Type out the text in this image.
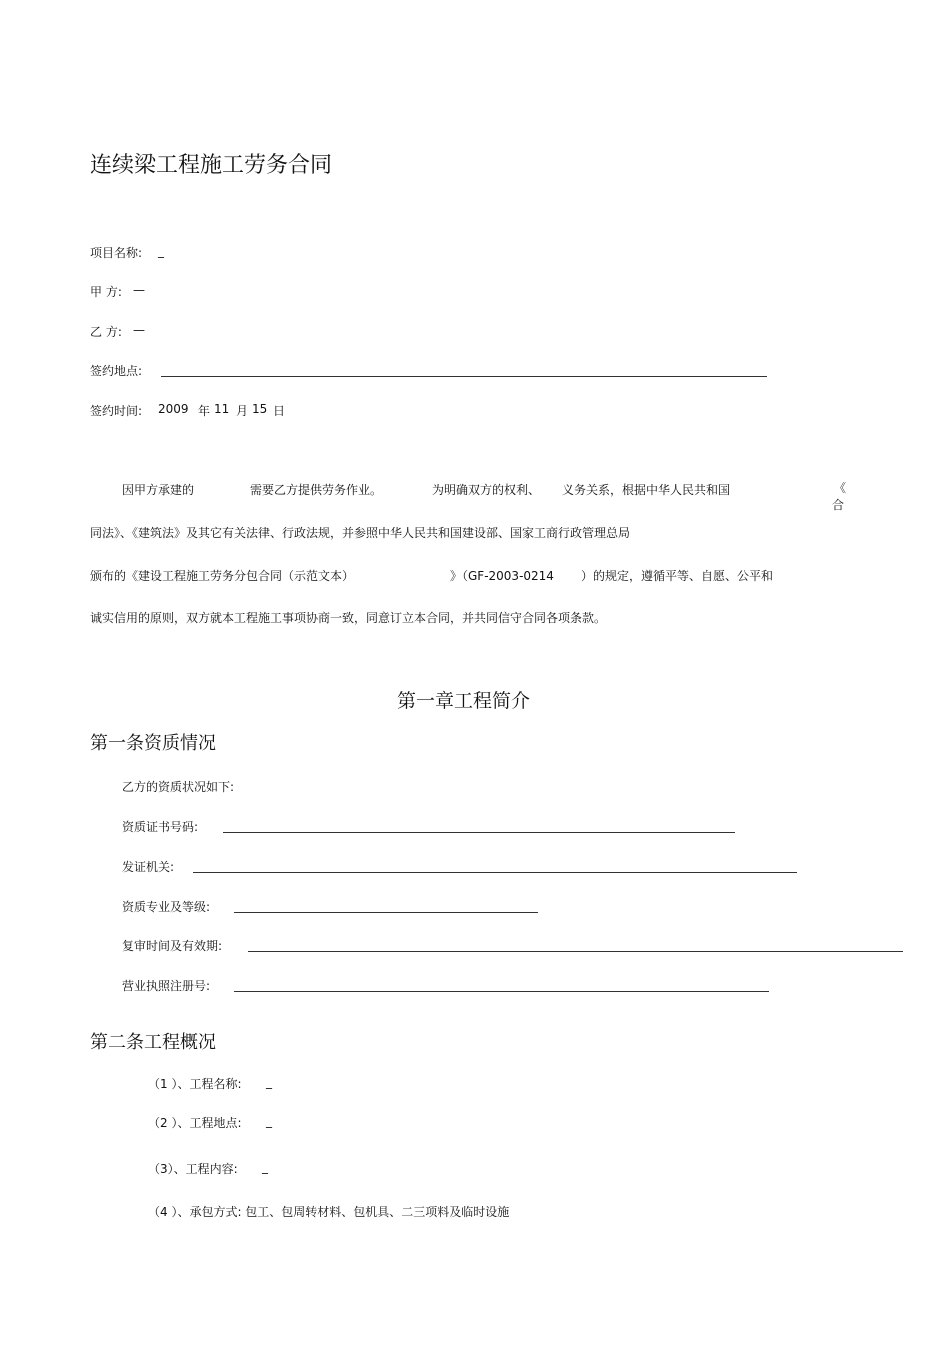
连续梁工程施工劳务合同
项目名称: _
甲 方: —
乙 方: —
签约地点:
签约时间: 2009 年 11 月 15 日
因甲方承建的	需要乙方提供劳务作业。	为明确双方的权利、 义务关系，根据中华人民共和国	《
合
同法》、《建筑法》及其它有关法律、行政法规，并参照中华人民共和国建设部、国家工商行政管理总局
颁布的《建设工程施工劳务分包合同（示范文本）	》（GF-2003-0214 ）的规定，遵循平等、自愿、公平和
诚实信用的原则，双方就本工程施工事项协商一致，同意订立本合同，并共同信守合同各项条款。
第一章工程简介
第一条资质情况
乙方的资质状况如下:
资质证书号码:
发证机关:
资质专业及等级:
复审时间及有效期:
营业执照注册号:
第二条工程概况
（1 ）、工程名称: _
（2 ）、工程地点: _
（3）、工程内容: _
（4 ）、承包方式: 包工、包周转材料、包机具、二三项料及临时设施
